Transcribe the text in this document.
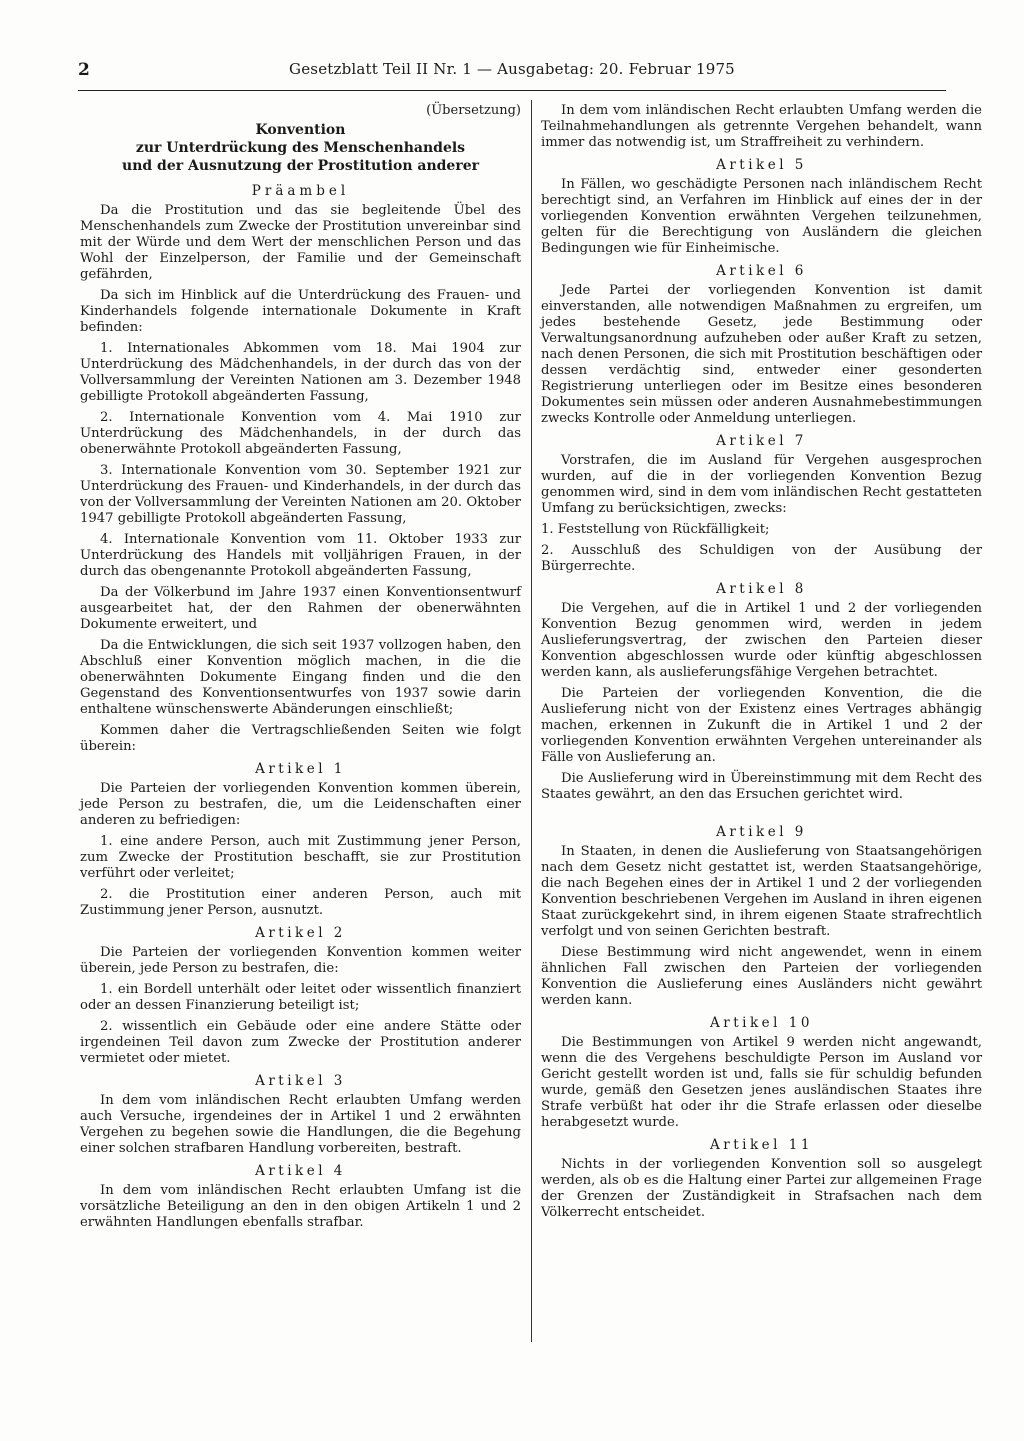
2	Gesetzblatt Teil II Nr. 1 — Ausgabetag: 20. Februar 1975
(Übersetzung)
Konvention
zur Unterdrückung des Menschenhandels
und der Ausnutzung der Prostitution anderer
Präambel

Da die Prostitution und das sie begleitende Übel des Menschenhandels zum Zwecke der Prostitution unvereinbar sind mit der Würde und dem Wert der menschlichen Person und das Wohl der Einzelperson, der Familie und der Gemeinschaft gefährden,

Da sich im Hinblick auf die Unterdrückung des Frauen- und Kinderhandels folgende internationale Dokumente in Kraft befinden:

1. Internationales Abkommen vom 18. Mai 1904 zur Unterdrückung des Mädchenhandels, in der durch das von der Vollversammlung der Vereinten Nationen am 3. Dezember 1948 gebilligte Protokoll abgeänderten Fassung,

2. Internationale Konvention vom 4. Mai 1910 zur Unterdrückung des Mädchenhandels, in der durch das obenerwähnte Protokoll abgeänderten Fassung,

3. Internationale Konvention vom 30. September 1921 zur Unterdrückung des Frauen- und Kinderhandels, in der durch das von der Vollversammlung der Vereinten Nationen am 20. Oktober 1947 gebilligte Protokoll abgeänderten Fassung,

4. Internationale Konvention vom 11. Oktober 1933 zur Unterdrückung des Handels mit volljährigen Frauen, in der durch das obengenannte Protokoll abgeänderten Fassung,

Da der Völkerbund im Jahre 1937 einen Konventionsentwurf ausgearbeitet hat, der den Rahmen der obenerwähnten Dokumente erweitert, und

Da die Entwicklungen, die sich seit 1937 vollzogen haben, den Abschluß einer Konvention möglich machen, in die die obenerwähnten Dokumente Eingang finden und die den Gegenstand des Konventionsentwurfes von 1937 sowie darin enthaltene wünschenswerte Abänderungen einschließt;

Kommen daher die Vertragschließenden Seiten wie folgt überein:

Artikel 1

Die Parteien der vorliegenden Konvention kommen überein, jede Person zu bestrafen, die, um die Leidenschaften einer anderen zu befriedigen:

1. eine andere Person, auch mit Zustimmung jener Person, zum Zwecke der Prostitution beschafft, sie zur Prostitution verführt oder verleitet;

2. die Prostitution einer anderen Person, auch mit Zustimmung jener Person, ausnutzt.

Artikel 2

Die Parteien der vorliegenden Konvention kommen weiter überein, jede Person zu bestrafen, die:

1. ein Bordell unterhält oder leitet oder wissentlich finanziert oder an dessen Finanzierung beteiligt ist;

2. wissentlich ein Gebäude oder eine andere Stätte oder irgendeinen Teil davon zum Zwecke der Prostitution anderer vermietet oder mietet.

Artikel 3

In dem vom inländischen Recht erlaubten Umfang werden auch Versuche, irgendeines der in Artikel 1 und 2 erwähnten Vergehen zu begehen sowie die Handlungen, die die Begehung einer solchen strafbaren Handlung vorbereiten, bestraft.

Artikel 4

In dem vom inländischen Recht erlaubten Umfang ist die vorsätzliche Beteiligung an den in den obigen Artikeln 1 und 2 erwähnten Handlungen ebenfalls strafbar.

In dem vom inländischen Recht erlaubten Umfang werden die Teilnahmehandlungen als getrennte Vergehen behandelt, wann immer das notwendig ist, um Straffreiheit zu verhindern.

Artikel 5

In Fällen, wo geschädigte Personen nach inländischem Recht berechtigt sind, an Verfahren im Hinblick auf eines der in der vorliegenden Konvention erwähnten Vergehen teilzunehmen, gelten für die Berechtigung von Ausländern die gleichen Bedingungen wie für Einheimische.

Artikel 6

Jede Partei der vorliegenden Konvention ist damit einverstanden, alle notwendigen Maßnahmen zu ergreifen, um jedes bestehende Gesetz, jede Bestimmung oder Verwaltungsanordnung aufzuheben oder außer Kraft zu setzen, nach denen Personen, die sich mit Prostitution beschäftigen oder dessen verdächtig sind, entweder einer gesonderten Registrierung unterliegen oder im Besitze eines besonderen Dokumentes sein müssen oder anderen Ausnahmebestimmungen zwecks Kontrolle oder Anmeldung unterliegen.

Artikel 7

Vorstrafen, die im Ausland für Vergehen ausgesprochen wurden, auf die in der vorliegenden Konvention Bezug genommen wird, sind in dem vom inländischen Recht gestatteten Umfang zu berücksichtigen, zwecks:

1. Feststellung von Rückfälligkeit;

2. Ausschluß des Schuldigen von der Ausübung der Bürgerrechte.

Artikel 8

Die Vergehen, auf die in Artikel 1 und 2 der vorliegenden Konvention Bezug genommen wird, werden in jedem Auslieferungsvertrag, der zwischen den Parteien dieser Konvention abgeschlossen wurde oder künftig abgeschlossen werden kann, als auslieferungsfähige Vergehen betrachtet.

Die Parteien der vorliegenden Konvention, die die Auslieferung nicht von der Existenz eines Vertrages abhängig machen, erkennen in Zukunft die in Artikel 1 und 2 der vorliegenden Konvention erwähnten Vergehen untereinander als Fälle von Auslieferung an.

Die Auslieferung wird in Übereinstimmung mit dem Recht des Staates gewährt, an den das Ersuchen gerichtet wird.

Artikel 9

In Staaten, in denen die Auslieferung von Staatsangehörigen nach dem Gesetz nicht gestattet ist, werden Staatsangehörige, die nach Begehen eines der in Artikel 1 und 2 der vorliegenden Konvention beschriebenen Vergehen im Ausland in ihren eigenen Staat zurückgekehrt sind, in ihrem eigenen Staate strafrechtlich verfolgt und von seinen Gerichten bestraft.

Diese Bestimmung wird nicht angewendet, wenn in einem ähnlichen Fall zwischen den Parteien der vorliegenden Konvention die Auslieferung eines Ausländers nicht gewährt werden kann.

Artikel 10

Die Bestimmungen von Artikel 9 werden nicht angewandt, wenn die des Vergehens beschuldigte Person im Ausland vor Gericht gestellt worden ist und, falls sie für schuldig befunden wurde, gemäß den Gesetzen jenes ausländischen Staates ihre Strafe verbüßt hat oder ihr die Strafe erlassen oder dieselbe herabgesetzt wurde.

Artikel 11

Nichts in der vorliegenden Konvention soll so ausgelegt werden, als ob es die Haltung einer Partei zur allgemeinen Frage der Grenzen der Zuständigkeit in Strafsachen nach dem Völkerrecht entscheidet.
